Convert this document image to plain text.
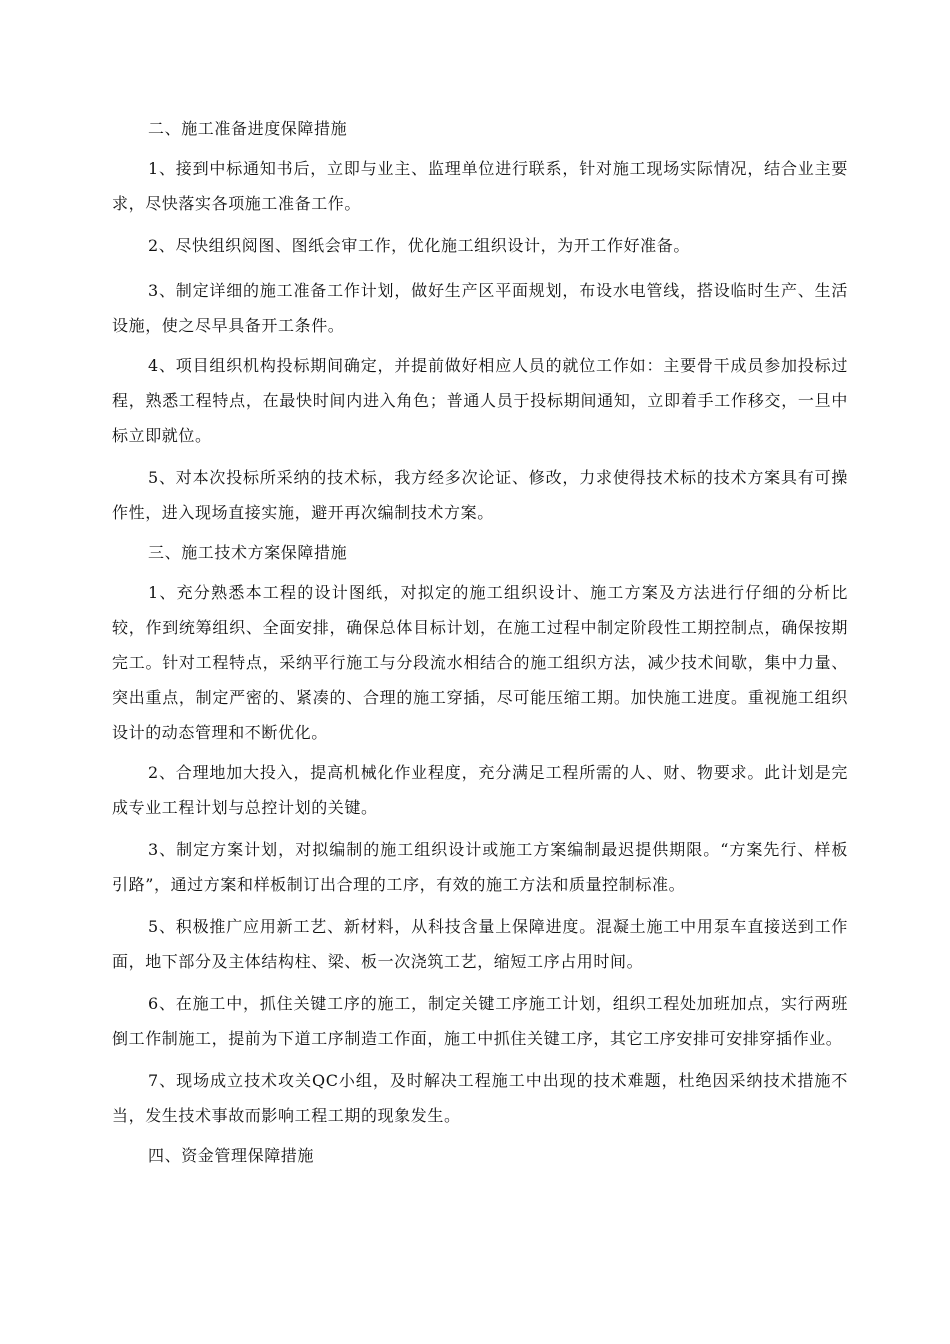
二、施工准备进度保障措施

1、接到中标通知书后，立即与业主、监理单位进行联系，针对施工现场实际情况，结合业主要求，尽快落实各项施工准备工作。

2、尽快组织阅图、图纸会审工作，优化施工组织设计，为开工作好准备。

3、制定详细的施工准备工作计划，做好生产区平面规划，布设水电管线，搭设临时生产、生活设施，使之尽早具备开工条件。

4、项目组织机构投标期间确定，并提前做好相应人员的就位工作如：主要骨干成员参加投标过程，熟悉工程特点，在最快时间内进入角色；普通人员于投标期间通知，立即着手工作移交，一旦中标立即就位。

5、对本次投标所采纳的技术标，我方经多次论证、修改，力求使得技术标的技术方案具有可操作性，进入现场直接实施，避开再次编制技术方案。

三、施工技术方案保障措施

1、充分熟悉本工程的设计图纸，对拟定的施工组织设计、施工方案及方法进行仔细的分析比较，作到统筹组织、全面安排，确保总体目标计划，在施工过程中制定阶段性工期控制点，确保按期完工。针对工程特点，采纳平行施工与分段流水相结合的施工组织方法，减少技术间歇，集中力量、突出重点，制定严密的、紧凑的、合理的施工穿插，尽可能压缩工期。加快施工进度。重视施工组织设计的动态管理和不断优化。

2、合理地加大投入，提高机械化作业程度，充分满足工程所需的人、财、物要求。此计划是完成专业工程计划与总控计划的关键。

3、制定方案计划，对拟编制的施工组织设计或施工方案编制最迟提供期限。“方案先行、样板引路”，通过方案和样板制订出合理的工序，有效的施工方法和质量控制标准。

5、积极推广应用新工艺、新材料，从科技含量上保障进度。混凝土施工中用泵车直接送到工作面，地下部分及主体结构柱、梁、板一次浇筑工艺，缩短工序占用时间。

6、在施工中，抓住关键工序的施工，制定关键工序施工计划，组织工程处加班加点，实行两班倒工作制施工，提前为下道工序制造工作面，施工中抓住关键工序，其它工序安排可安排穿插作业。

7、现场成立技术攻关QC小组，及时解决工程施工中出现的技术难题，杜绝因采纳技术措施不当，发生技术事故而影响工程工期的现象发生。

四、资金管理保障措施
